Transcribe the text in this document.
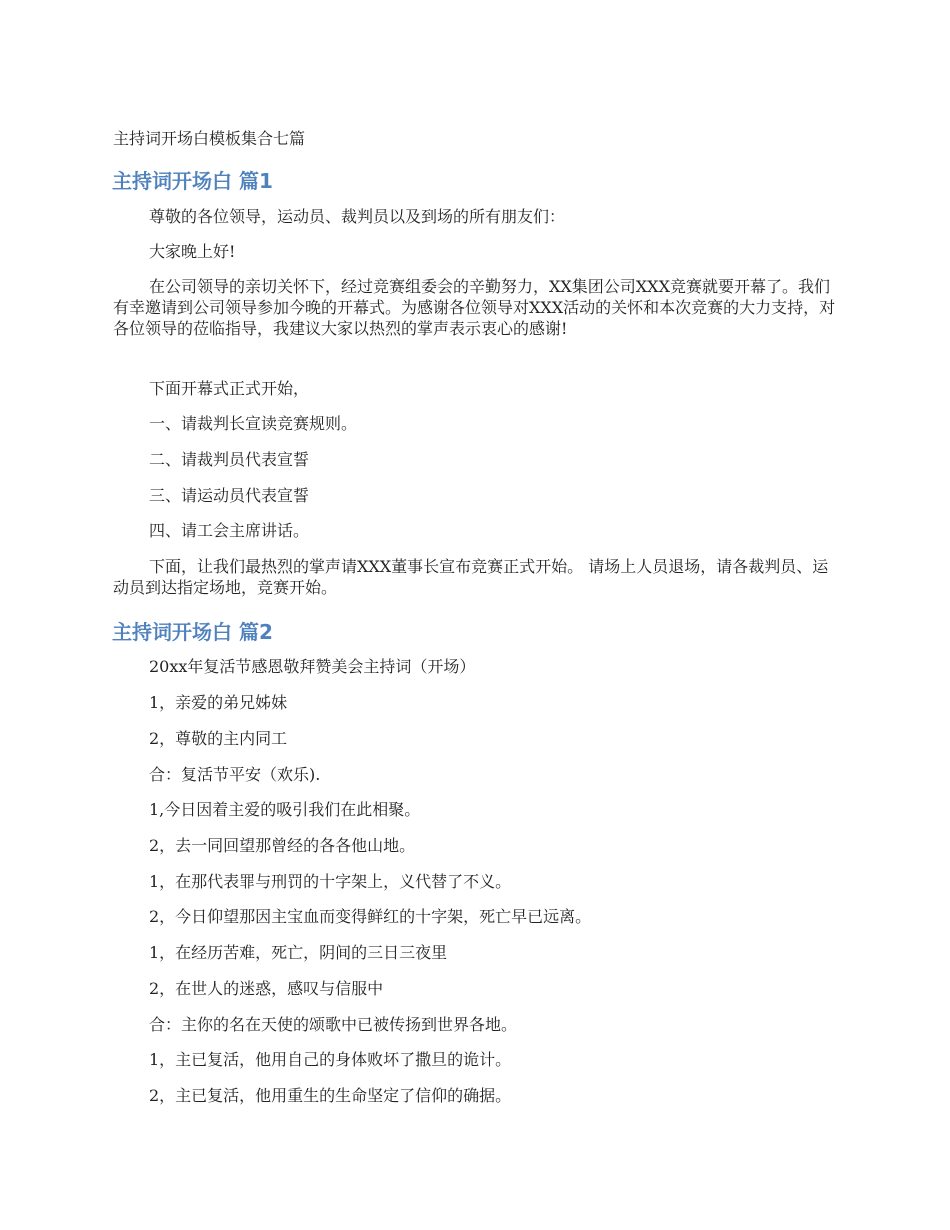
主持词开场白模板集合七篇
主持词开场白 篇1

尊敬的各位领导，运动员、裁判员以及到场的所有朋友们：

大家晚上好!

在公司领导的亲切关怀下，经过竞赛组委会的辛勤努力，XX集团公司XXX竞赛就要开幕了。我们有幸邀请到公司领导参加今晚的开幕式。为感谢各位领导对XXX活动的关怀和本次竞赛的大力支持，对各位领导的莅临指导，我建议大家以热烈的掌声表示衷心的感谢!

下面开幕式正式开始，

一、请裁判长宣读竞赛规则。

二、请裁判员代表宣誓

三、请运动员代表宣誓

四、请工会主席讲话。

下面，让我们最热烈的掌声请XXX董事长宣布竞赛正式开始。 请场上人员退场，请各裁判员、运动员到达指定场地，竞赛开始。

主持词开场白 篇2

20xx年复活节感恩敬拜赞美会主持词（开场）

1，亲爱的弟兄姊妹

2，尊敬的主内同工

合：复活节平安（欢乐).

1,今日因着主爱的吸引我们在此相聚。

2，去一同回望那曾经的各各他山地。

1，在那代表罪与刑罚的十字架上，义代替了不义。

2，今日仰望那因主宝血而变得鲜红的十字架，死亡早已远离。

1，在经历苦难，死亡，阴间的三日三夜里

2，在世人的迷惑，感叹与信服中

合：主你的名在天使的颂歌中已被传扬到世界各地。

1，主已复活，他用自己的身体败坏了撒旦的诡计。

2，主已复活，他用重生的生命坚定了信仰的确据。
